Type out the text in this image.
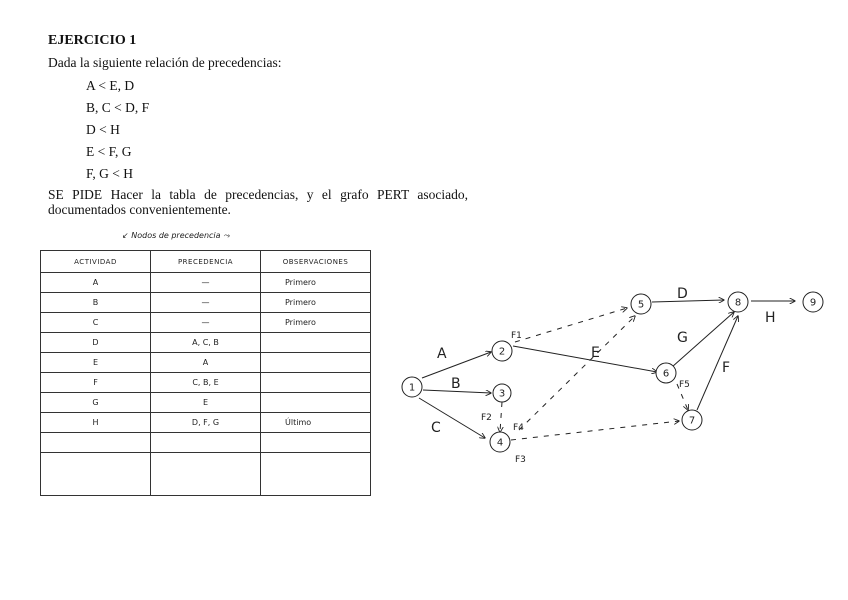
EJERCICIO 1
Dada la siguiente relación de precedencias:
A < E, D
B, C < D, F
D < H
E < F, G
F, G < H
SE PIDE Hacer la tabla de precedencias, y el grafo PERT asociado, documentados convenientemente.
↙ Nodos de precedencia ⤳
ACTIVIDAD	PRECEDENCIA	OBSERVACIONES
A	—	Primero
B	—	Primero
C	—	Primero
D	A, C, B	
E	A	
F	C, B, E	
G	E	
H	D, F, G	Último

1
2
3
4
5
6
7
8	9
A
B
C
D
E
F
G
H
F1
F2
F3
F4
F5
